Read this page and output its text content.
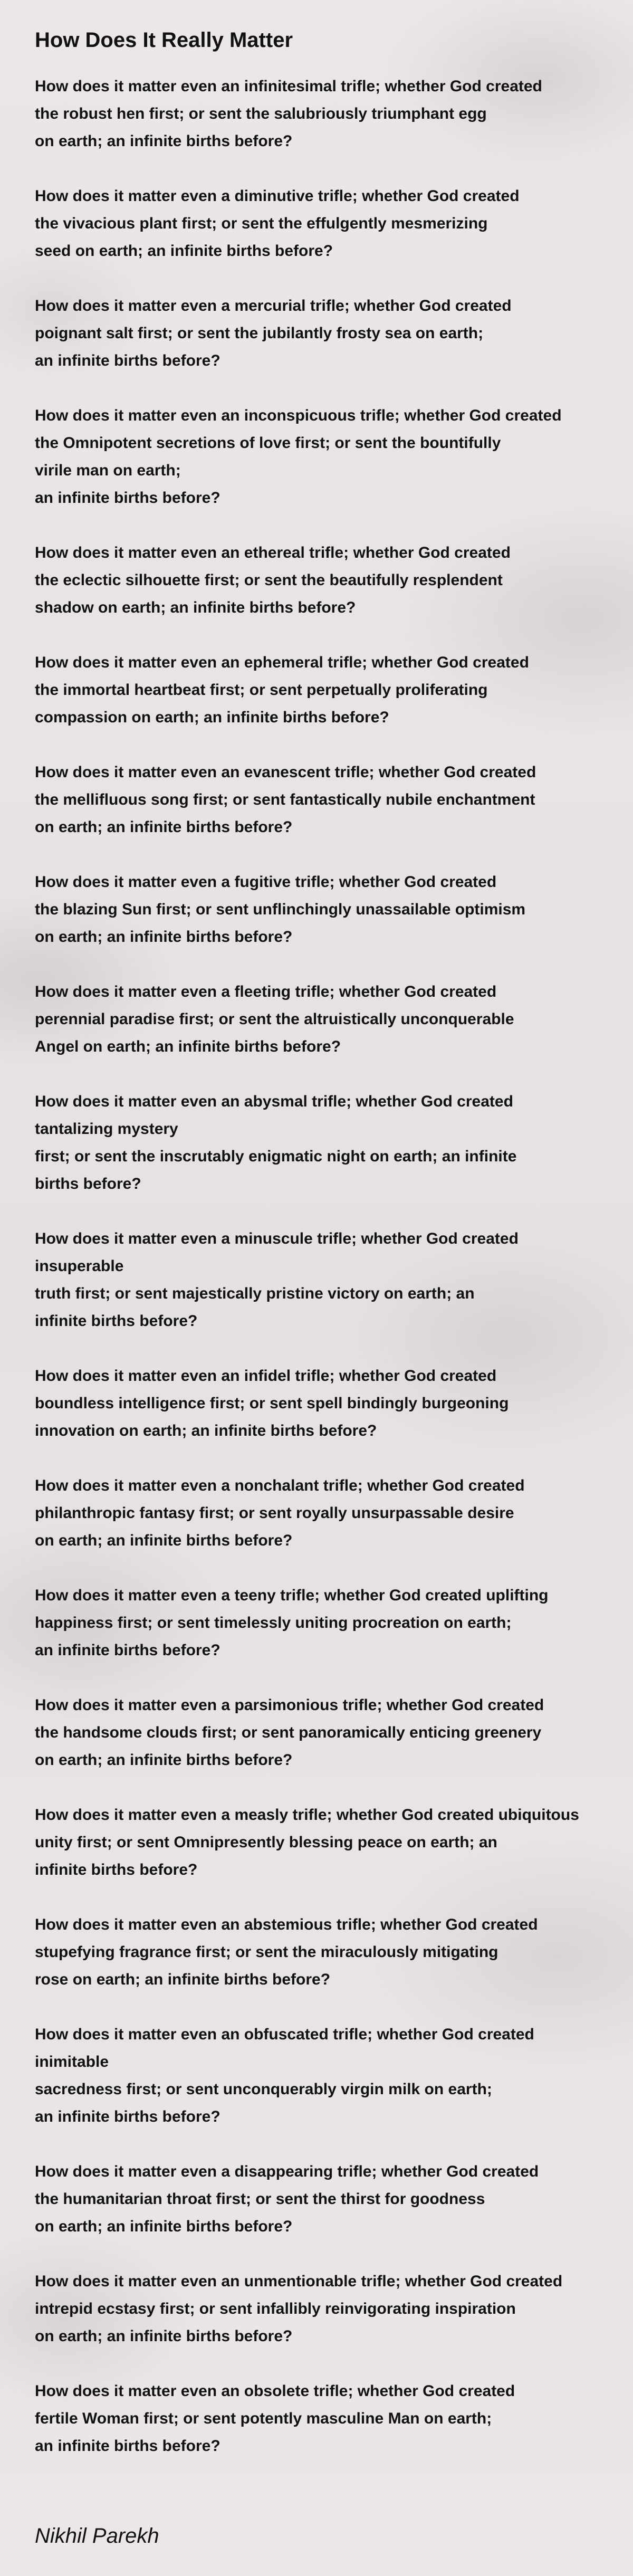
How Does It Really Matter
How does it matter even an infinitesimal trifle; whether God created
the robust hen first; or sent the salubriously triumphant egg
on earth; an infinite births before?
How does it matter even a diminutive trifle; whether God created
the vivacious plant first; or sent the effulgently mesmerizing
seed on earth; an infinite births before?
How does it matter even a mercurial trifle; whether God created
poignant salt first; or sent the jubilantly frosty sea on earth;
an infinite births before?
How does it matter even an inconspicuous trifle; whether God created
the Omnipotent secretions of love first; or sent the bountifully
virile man on earth;
an infinite births before?
How does it matter even an ethereal trifle; whether God created
the eclectic silhouette first; or sent the beautifully resplendent
shadow on earth; an infinite births before?
How does it matter even an ephemeral trifle; whether God created
the immortal heartbeat first; or sent perpetually proliferating
compassion on earth; an infinite births before?
How does it matter even an evanescent trifle; whether God created
the mellifluous song first; or sent fantastically nubile enchantment
on earth; an infinite births before?
How does it matter even a fugitive trifle; whether God created
the blazing Sun first; or sent unflinchingly unassailable optimism
on earth; an infinite births before?
How does it matter even a fleeting trifle; whether God created
perennial paradise first; or sent the altruistically unconquerable
Angel on earth; an infinite births before?
How does it matter even an abysmal trifle; whether God created
tantalizing mystery
first; or sent the inscrutably enigmatic night on earth; an infinite
births before?
How does it matter even a minuscule trifle; whether God created
insuperable
truth first; or sent majestically pristine victory on earth; an
infinite births before?
How does it matter even an infidel trifle; whether God created
boundless intelligence first; or sent spell bindingly burgeoning
innovation on earth; an infinite births before?
How does it matter even a nonchalant trifle; whether God created
philanthropic fantasy first; or sent royally unsurpassable desire
on earth; an infinite births before?
How does it matter even a teeny trifle; whether God created uplifting
happiness first; or sent timelessly uniting procreation on earth;
an infinite births before?
How does it matter even a parsimonious trifle; whether God created
the handsome clouds first; or sent panoramically enticing greenery
on earth; an infinite births before?
How does it matter even a measly trifle; whether God created ubiquitous
unity first; or sent Omnipresently blessing peace on earth; an
infinite births before?
How does it matter even an abstemious trifle; whether God created
stupefying fragrance first; or sent the miraculously mitigating
rose on earth; an infinite births before?
How does it matter even an obfuscated trifle; whether God created
inimitable
sacredness first; or sent unconquerably virgin milk on earth;
an infinite births before?
How does it matter even a disappearing trifle; whether God created
the humanitarian throat first; or sent the thirst for goodness
on earth; an infinite births before?
How does it matter even an unmentionable trifle; whether God created
intrepid ecstasy first; or sent infallibly reinvigorating inspiration
on earth; an infinite births before?
How does it matter even an obsolete trifle; whether God created
fertile Woman first; or sent potently masculine Man on earth;
an infinite births before?

Nikhil Parekh
